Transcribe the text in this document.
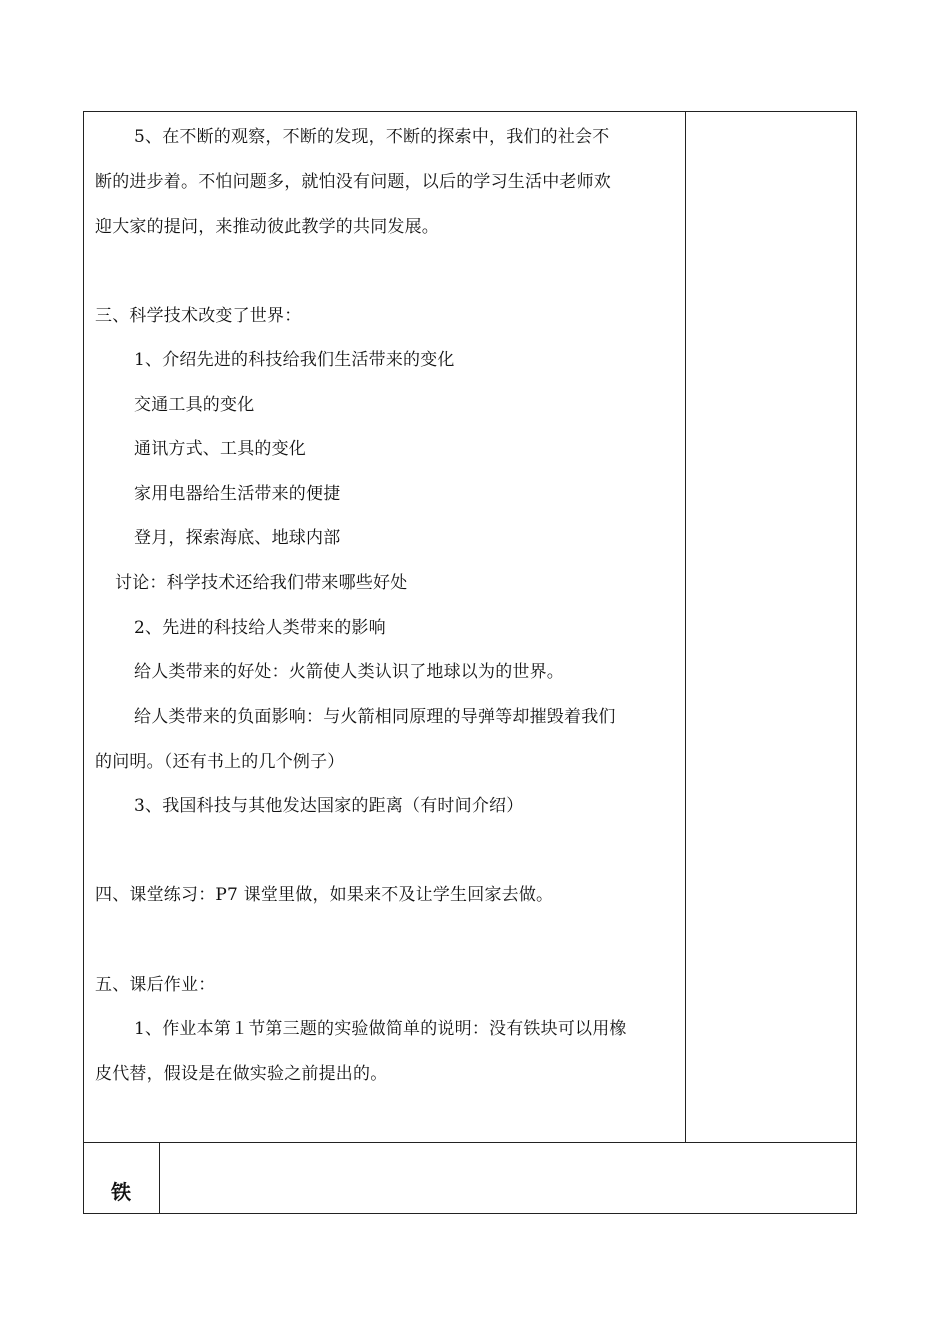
5、在不断的观察，不断的发现，不断的探索中，我们的社会不
断的进步着。不怕问题多，就怕没有问题，以后的学习生活中老师欢
迎大家的提问，来推动彼此教学的共同发展。
三、科学技术改变了世界：
1、介绍先进的科技给我们生活带来的变化
交通工具的变化
通讯方式、工具的变化
家用电器给生活带来的便捷
登月，探索海底、地球内部
讨论：科学技术还给我们带来哪些好处
2、先进的科技给人类带来的影响
给人类带来的好处：火箭使人类认识了地球以为的世界。
给人类带来的负面影响：与火箭相同原理的导弹等却摧毁着我们
的问明。（还有书上的几个例子）
3、我国科技与其他发达国家的距离（有时间介绍）
四、课堂练习：P7 课堂里做，如果来不及让学生回家去做。
五、课后作业：
1、作业本第１节第三题的实验做简单的说明：没有铁块可以用橡
皮代替，假设是在做实验之前提出的。
铁
